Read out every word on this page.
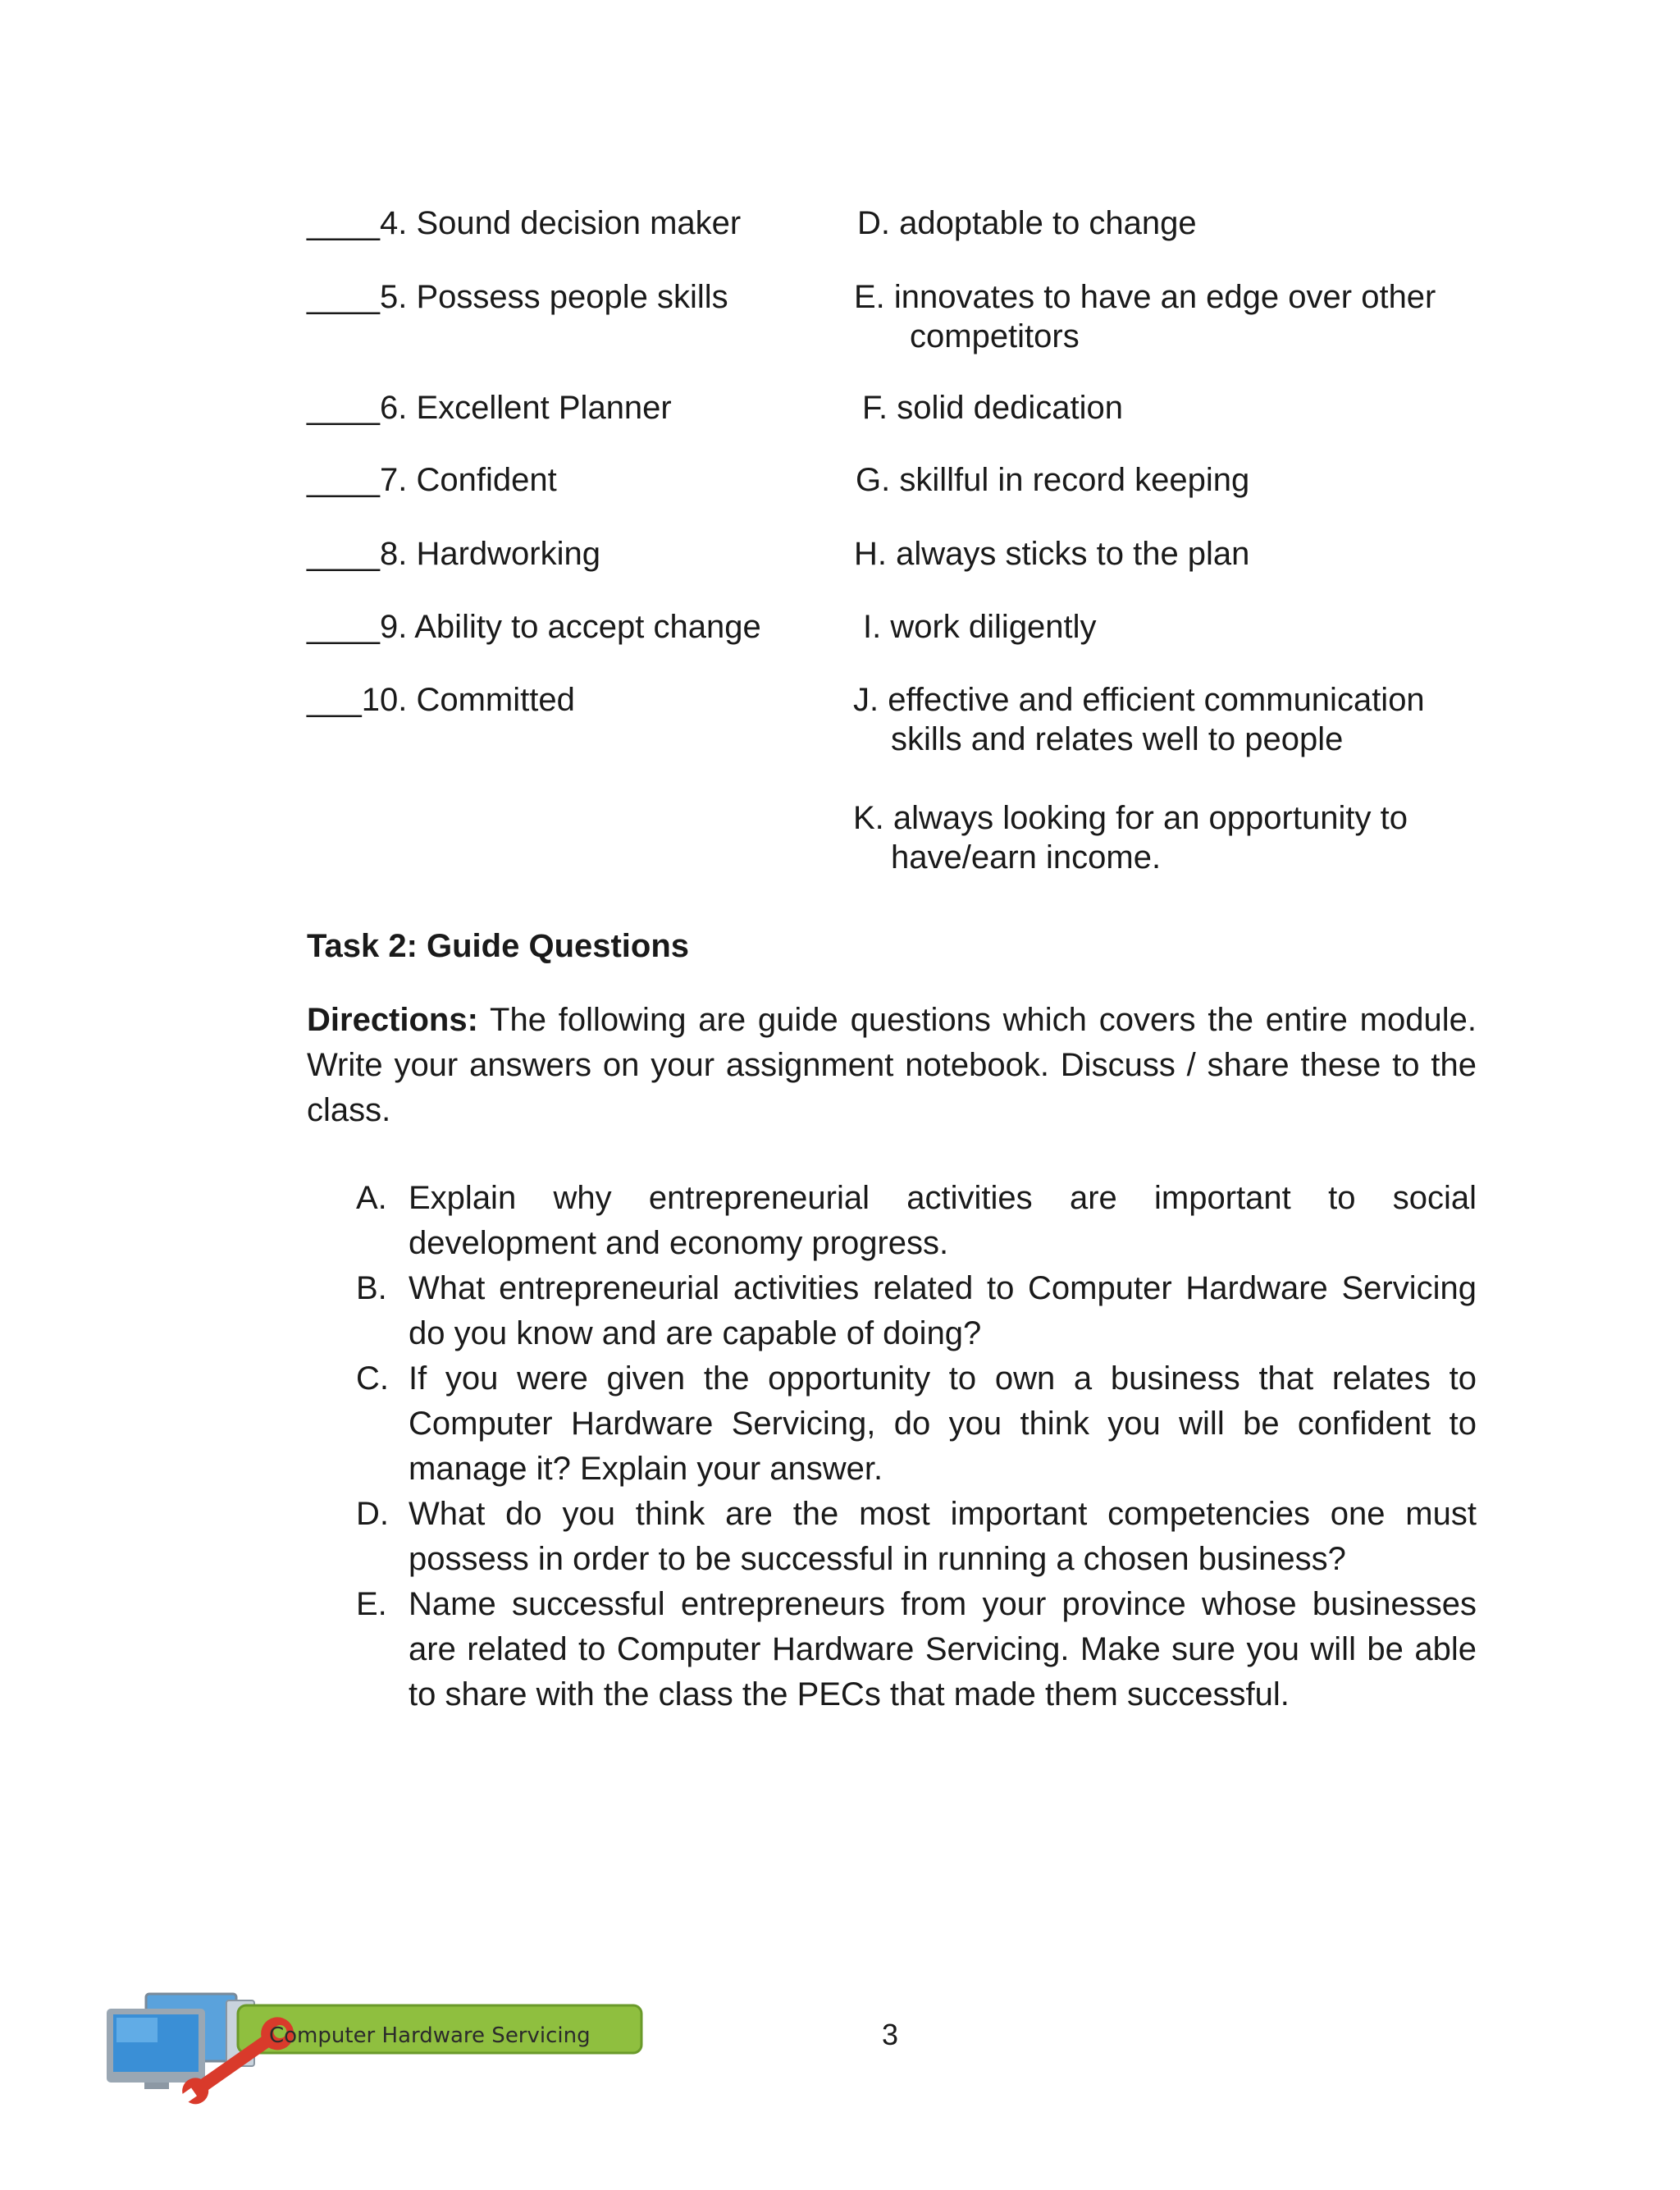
____4. Sound decision maker
____5. Possess people skills
____6. Excellent Planner
____7. Confident
____8. Hardworking
____9. Ability to accept change
___10. Committed
D. adoptable to change
E. innovates to have an edge over other
competitors
F. solid dedication
G. skillful in record keeping
H. always sticks to the plan
I. work diligently
J. effective and efficient communication
skills and relates well to people
K. always looking for an opportunity to
have/earn income.
Task 2: Guide Questions

Directions: The following are guide questions which covers the entire module. Write your answers on your assignment notebook. Discuss / share these to the class.

A. Explain why entrepreneurial activities are important to social development and economy progress.
B. What entrepreneurial activities related to Computer Hardware Servicing do you know and are capable of doing?
C. If you were given the opportunity to own a business that relates to Computer Hardware Servicing, do you think you will be confident to manage it? Explain your answer.
D. What do you think are the most important competencies one must possess in order to be successful in running a chosen business?
E. Name successful entrepreneurs from your province whose businesses are related to Computer Hardware Servicing. Make sure you will be able to share with the class the PECs that made them successful.
Computer Hardware Servicing	3
